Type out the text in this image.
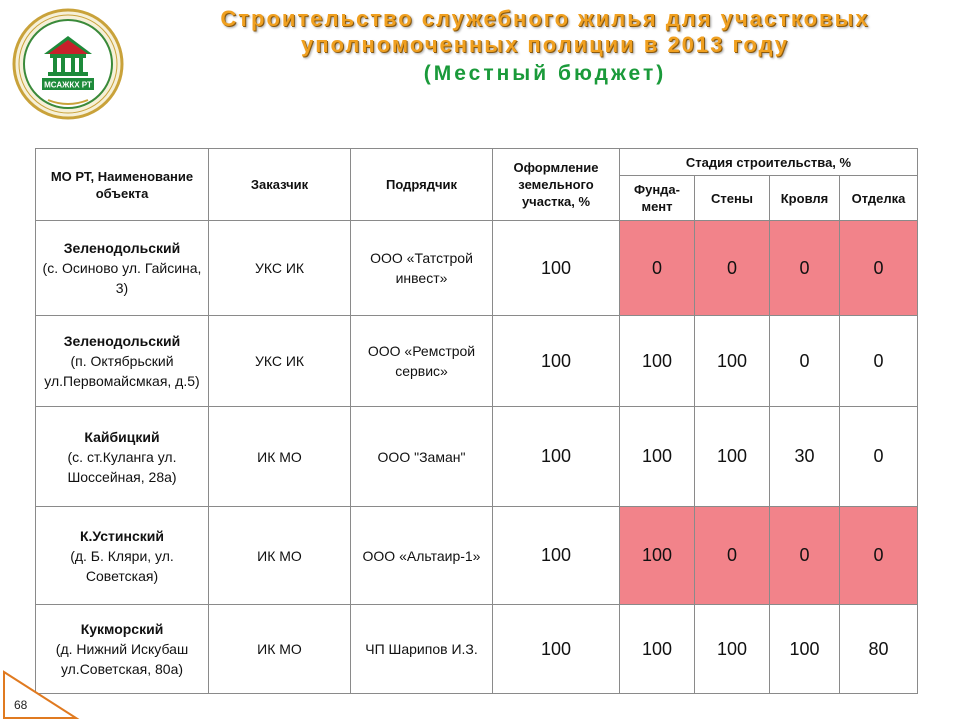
МСАЖКХ РТ
Строительство служебного жилья для участковых
уполномоченных полиции в 2013 году
(Местный бюджет)
МО РТ, Наименование объекта	Заказчик	Подрядчик	Оформление земельного участка, %	Стадия строительства, %			
				Фунда-мент	Стены	Кровля	Отделка

Зеленодольский
(с. Осиново ул. Гайсина, 3)	УКС ИК	ООО «Татстрой инвест»	100	0	0	0	0

Зеленодольский
(п. Октябрьский ул.Первомайсмкая, д.5)	УКС ИК	ООО «Ремстрой сервис»	100	100	100	0	0

Кайбицкий
(с. ст.Куланга ул. Шоссейная, 28а)	ИК МО	ООО "Заман"	100	100	100	30	0

К.Устинский
(д. Б. Кляри, ул. Советская)	ИК МО	ООО «Альтаир-1»	100	100	0	0	0

Кукморский
(д. Нижний Искубаш ул.Советская, 80а)	ИК МО	ЧП Шарипов И.З.	100	100	100	100	80
68
